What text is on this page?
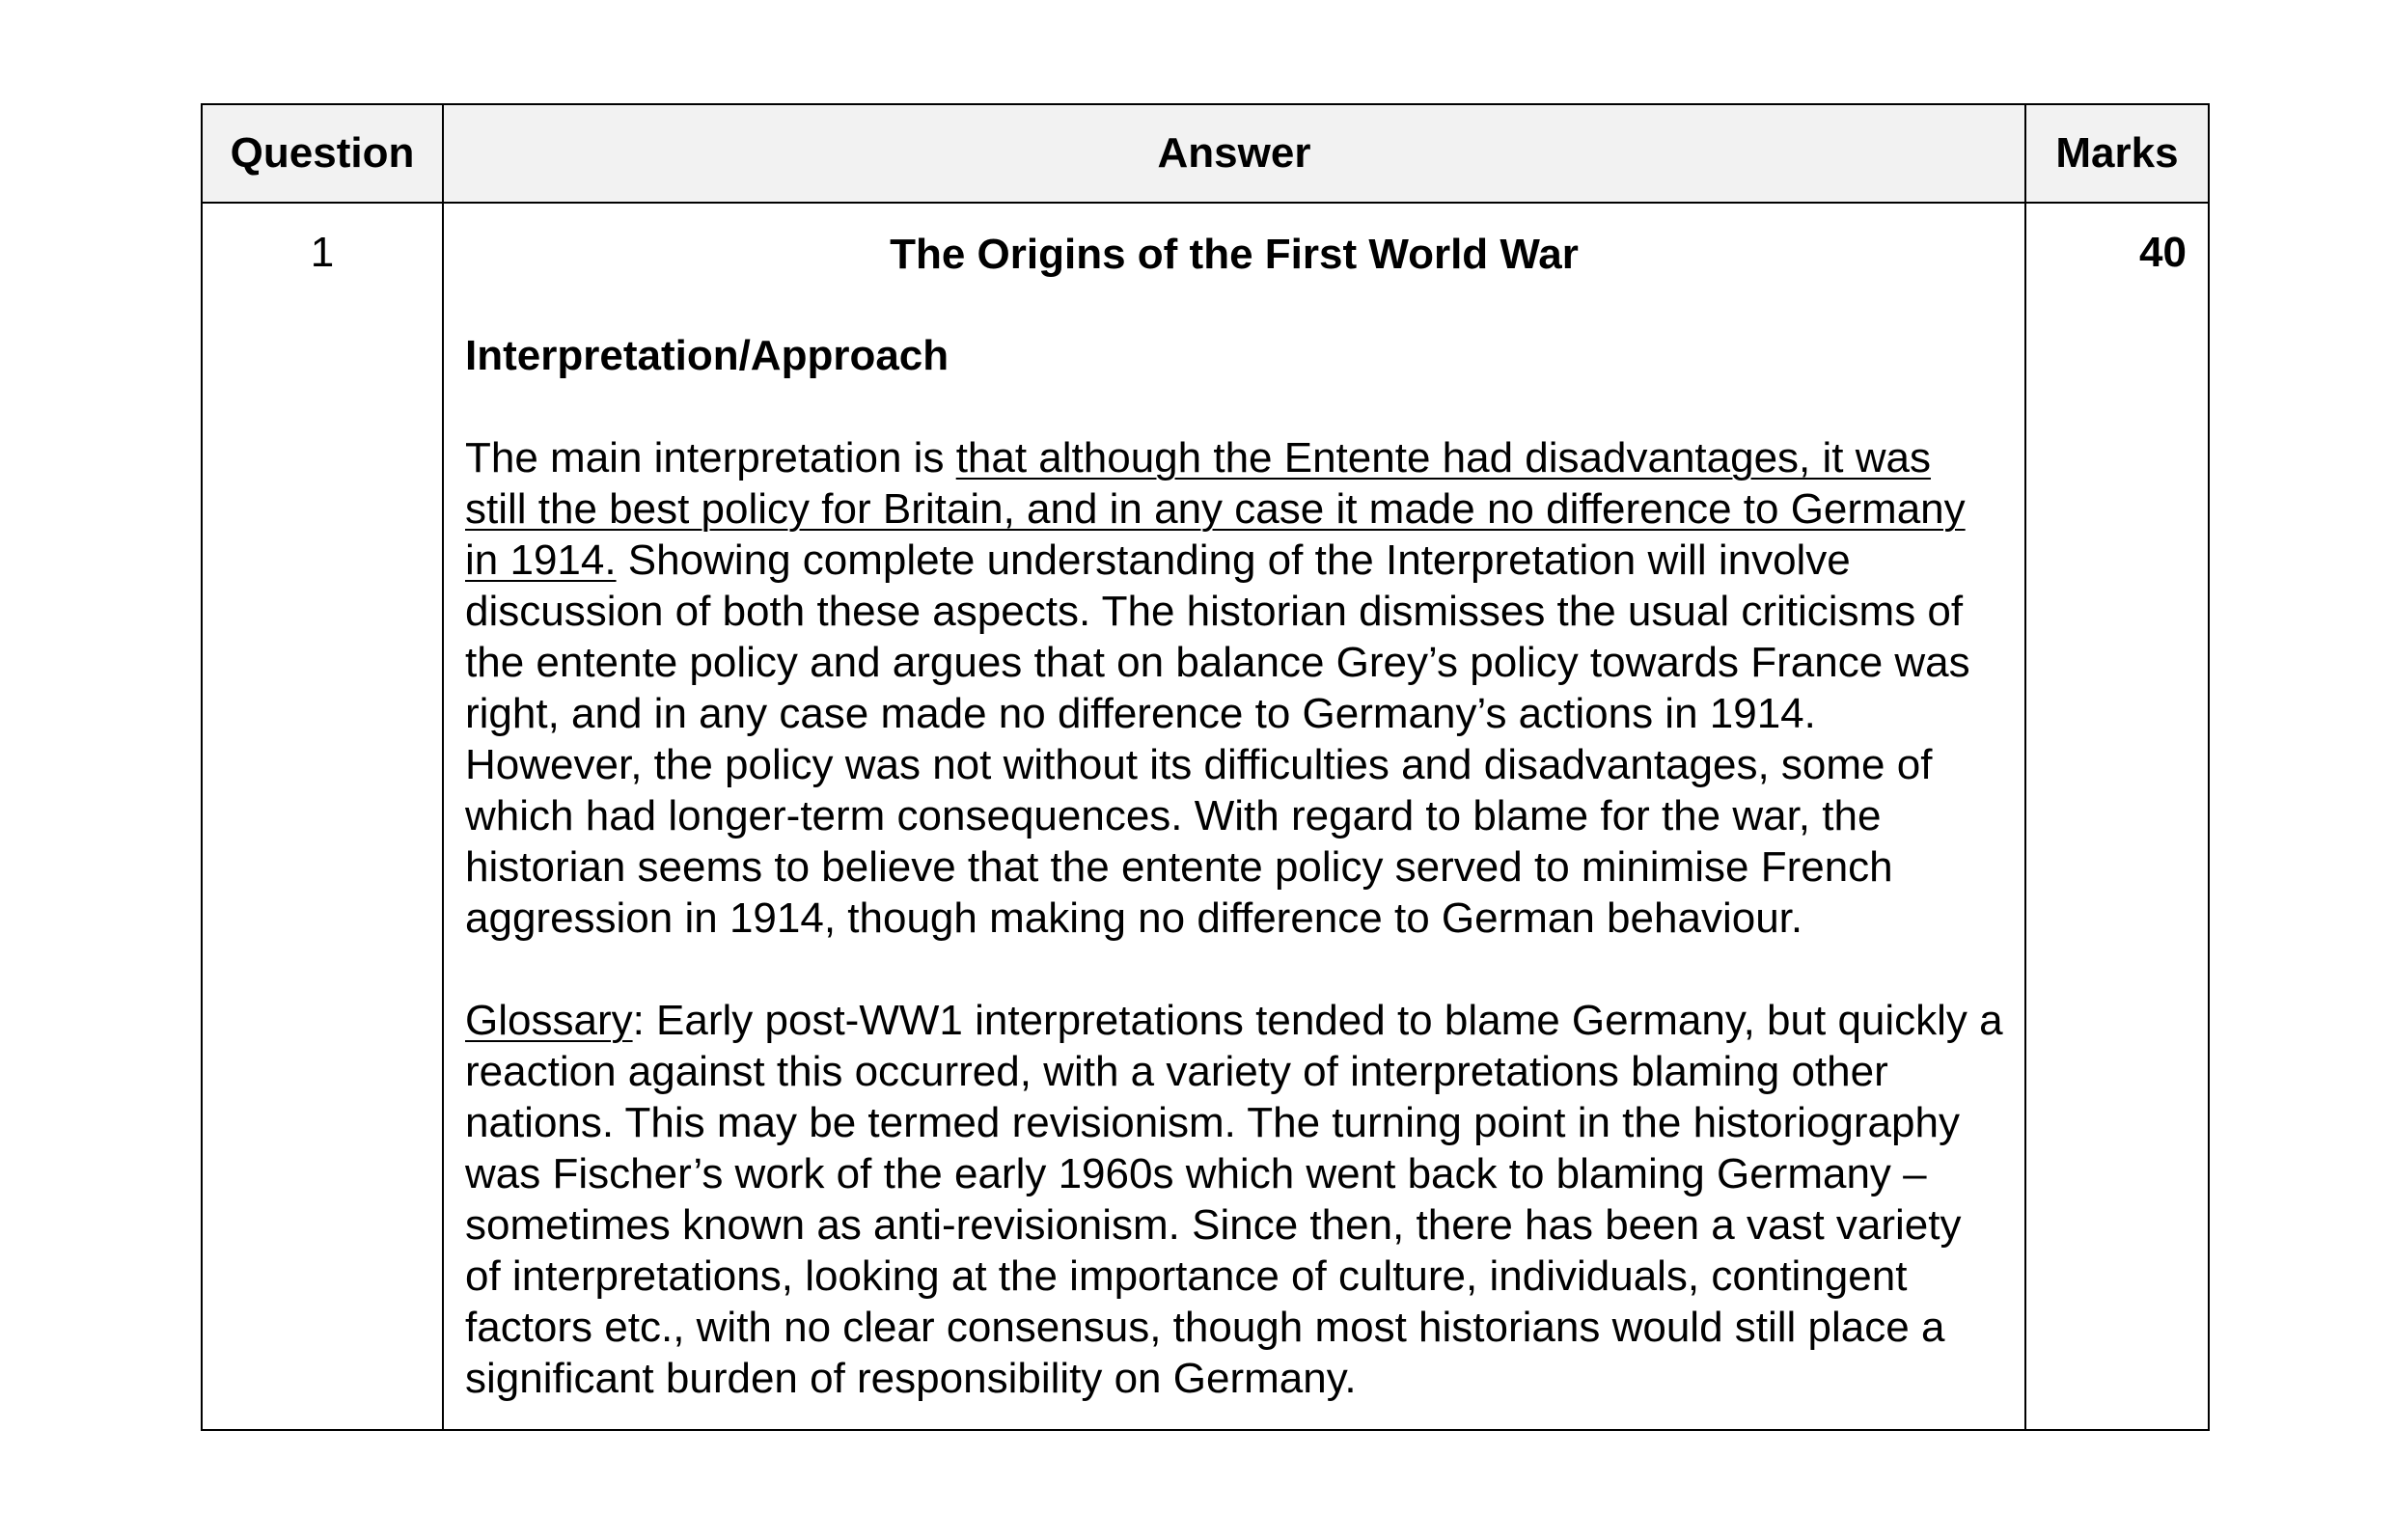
Question	Answer	Marks
1	The Origins of the First World War
Interpretation/Approach

The main interpretation is that although the Entente had disadvantages, it was still the best policy for Britain, and in any case it made no difference to Germany in 1914. Showing complete understanding of the Interpretation will involve discussion of both these aspects. The historian dismisses the usual criticisms of the entente policy and argues that on balance Grey’s policy towards France was right, and in any case made no difference to Germany’s actions in 1914. However, the policy was not without its difficulties and disadvantages, some of which had longer-term consequences. With regard to blame for the war, the historian seems to believe that the entente policy served to minimise French aggression in 1914, though making no difference to German behaviour.

Glossary: Early post-WW1 interpretations tended to blame Germany, but quickly a reaction against this occurred, with a variety of interpretations blaming other nations. This may be termed revisionism. The turning point in the historiography was Fischer’s work of the early 1960s which went back to blaming Germany – sometimes known as anti-revisionism. Since then, there has been a vast variety of interpretations, looking at the importance of culture, individuals, contingent factors etc., with no clear consensus, though most historians would still place a significant burden of responsibility on Germany.	40
